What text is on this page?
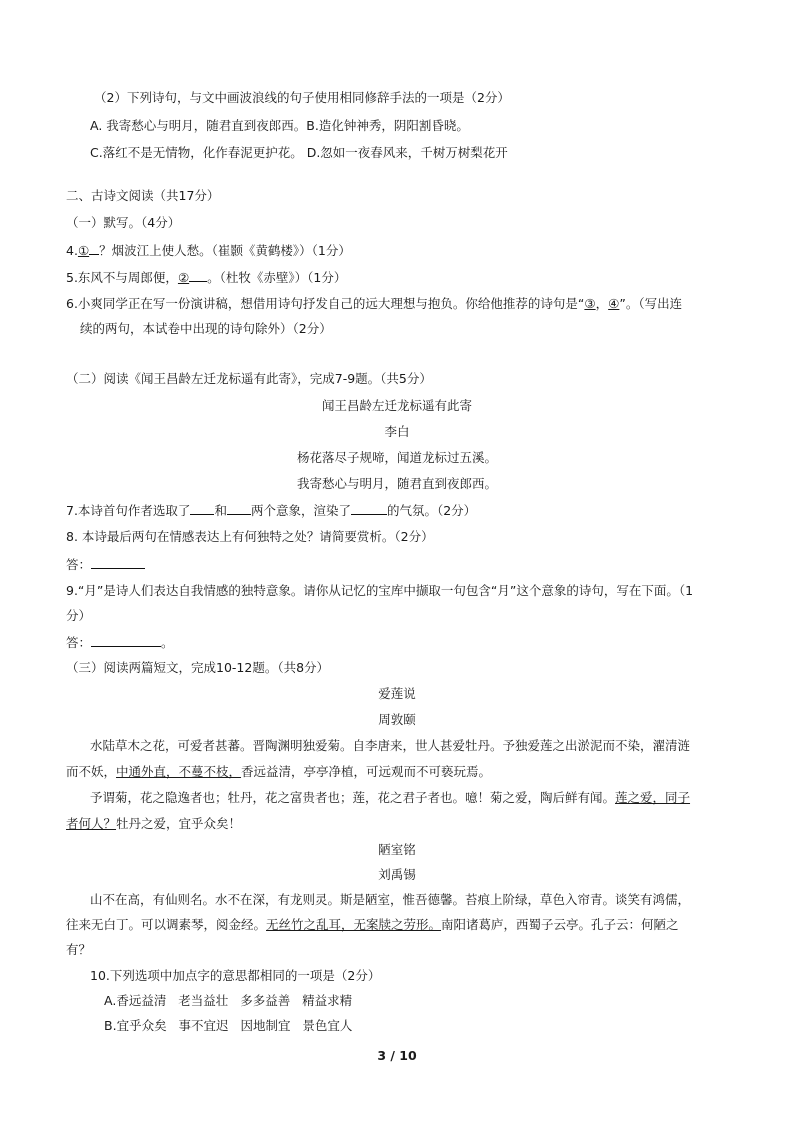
（2）下列诗句，与文中画波浪线的句子使用相同修辞手法的一项是（2分）
A. 我寄愁心与明月，随君直到夜郎西。B.造化钟神秀，阴阳割昏晓。
C.落红不是无情物，化作春泥更护花。 D.忽如一夜春风来，千树万树梨花开
二、古诗文阅读（共17分）
（一）默写。（4分）
4.① ？烟波江上使人愁。（崔颢《黄鹤楼》）（1分）
5.东风不与周郎便，② 。（杜牧《赤壁》）（1分）
6.小爽同学正在写一份演讲稿，想借用诗句抒发自己的远大理想与抱负。你给他推荐的诗句是“③，④”。（写出连
续的两句，本试卷中出现的诗句除外）（2分）
（二）阅读《闻王昌龄左迁龙标遥有此寄》，完成7-9题。（共5分）
闻王昌龄左迁龙标遥有此寄
李白
杨花落尽子规啼，闻道龙标过五溪。
我寄愁心与明月，随君直到夜郎西。
7.本诗首句作者选取了 和 两个意象，渲染了	的气氛。（2分）
8. 本诗最后两句在情感表达上有何独特之处？请简要赏析。（2分）
答：
9.“月”是诗人们表达自我情感的独特意象。请你从记忆的宝库中撷取一句包含“月”这个意象的诗句，写在下面。（1
分）
答：	。
（三）阅读两篇短文，完成10-12题。（共8分）
爱莲说
周敦颐
水陆草木之花，可爱者甚蕃。晋陶渊明独爱菊。自李唐来，世人甚爱牡丹。予独爱莲之出淤泥而不染，濯清涟
而不妖，中通外直，不蔓不枝，香远益清，亭亭净植，可远观而不可亵玩焉。
予谓菊，花之隐逸者也；牡丹，花之富贵者也；莲，花之君子者也。噫！菊之爱，陶后鲜有闻。莲之爱，同子
者何人？牡丹之爱，宜乎众矣！
陋室铭
刘禹锡
山不在高，有仙则名。水不在深，有龙则灵。斯是陋室，惟吾德馨。苔痕上阶绿，草色入帘青。谈笑有鸿儒，
往来无白丁。可以调素琴，阅金经。无丝竹之乱耳，无案牍之劳形。南阳诸葛庐，西蜀子云亭。孔子云：何陋之
有？
10.下列选项中加点字的意思都相同的一项是（2分）
A.香远益清 老当益壮 多多益善 精益求精
B.宜乎众矣 事不宜迟 因地制宜 景色宜人
3 / 10
